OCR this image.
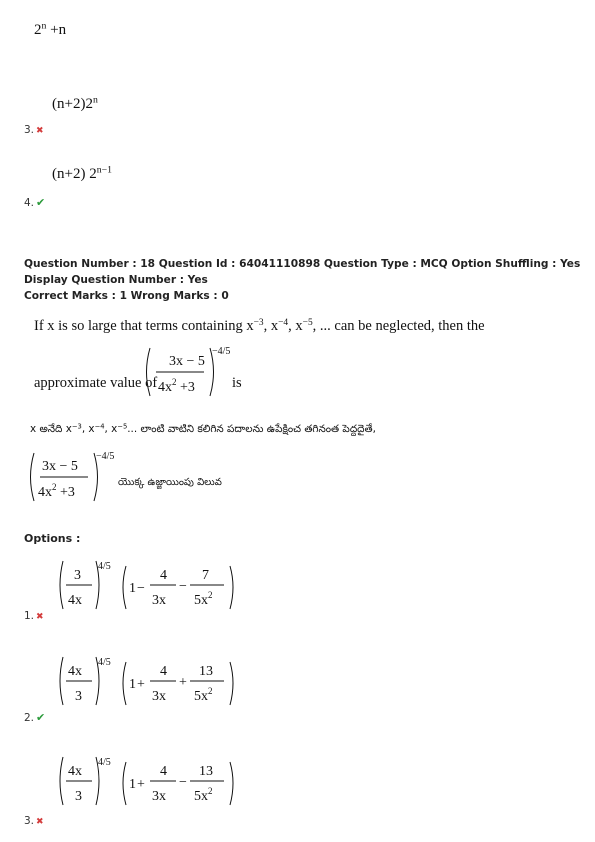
$2^n +n$
$(n+2)2^n$
3. ✖
(n+2) $2^{n-1}$
4. ✔
Question Number : 18 Question Id : 64041110898 Question Type : MCQ Option Shuffling : Yes
Display Question Number : Yes
Correct Marks : 1 Wrong Marks : 0
If x is so large that terms containing $x^{-3}$, $x^{-4}$, $x^{-5}$, ... can be neglected, then the
approximate value of
3x − 5
$4x^2 +3$
−4/5
is
x అనేది $x^{-3}$, $x^{-4}$, $x^{-5}$... లాంటి వాటిని కలిగిన పదాలను ఉపేక్షించ తగినంత పెద్దదైతే,
3x − 5
$4x^2 +3$
−4/5
యొక్క ఉజ్జాయింపు విలువ
Options :
3
4x
4/5
1 −
4
3x
−
7
$5x^2$
1. ✖
4x
3
4/5
1 +
4
3x
+
13
$5x^2$
2. ✔
4x
3
4/5
1 +
4
3x
−
13
$5x^2$
3. ✖
